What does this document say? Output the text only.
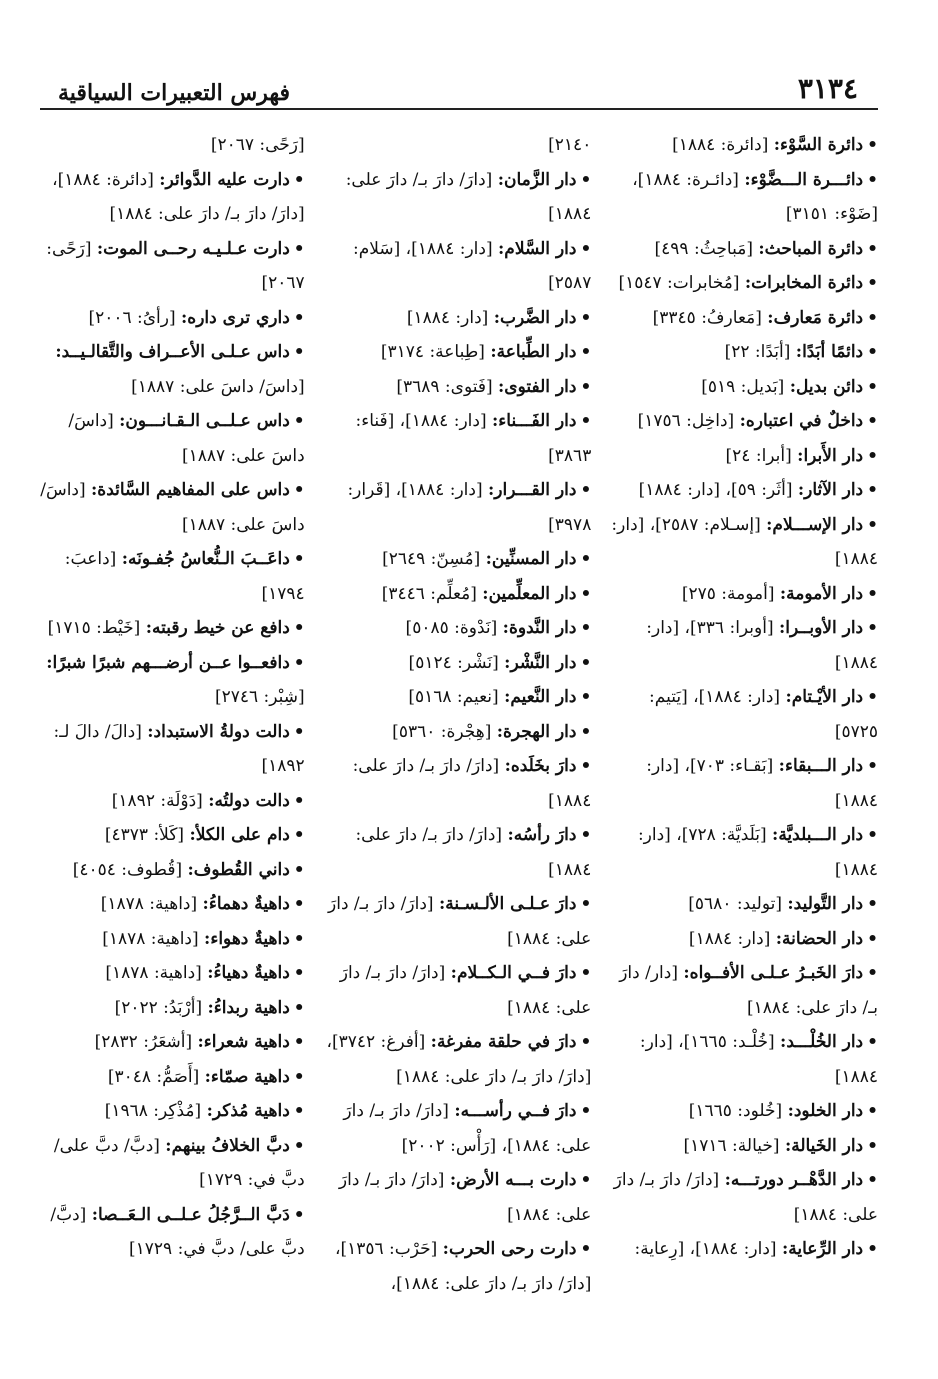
٣١٣٤
فهرس التعبيرات السياقية

•دائرة السَّوْء: [دائرة: ١٨٨٤]

•دائـــرة الـــضَّوْء: [دائـرة: ١٨٨٤]، [ضَوْء: ٣١٥١]

•دائرة المباحث: [مَباحِثُ: ٤٩٩]

•دائرة المخابرات: [مُخابرات: ١٥٤٧]

•دائرة مَعارف: [مَعارفُ: ٣٣٤٥]

•دائمًا أبَدًا: [أبَدًا: ٢٢]

•دائن بديل: [بَديل: ٥١٩]

•داخلٌ في اعتباره: [داخِل: ١٧٥٦]

•دار الأَبرا: [أبرا: ٢٤]

•دار الآثار: [أثَر: ٥٩]، [دار: ١٨٨٤]

•دار الإســـلام: [إسـلام: ٢٥٨٧]، [دار: ١٨٨٤]

•دار الأمومة: [أمومة: ٢٧٥]

•دار الأوبــرا: [أوبرا: ٣٣٦]، [دار: ١٨٨٤]

•دار الأيْـتام: [دار: ١٨٨٤]، [يَتيم: ٥٧٢٥]

•دار الـــبقاء: [بَقـاء: ٧٠٣]، [دار: ١٨٨٤]

•دار الـــبلديَّة: [بَلَديَّة: ٧٢٨]، [دار: ١٨٨٤]

•دار التَّوليد: [توليد: ٥٦٨٠]

•دار الحضانة: [دار: ١٨٨٤]

•دارَ الخَبـرُ عـلـى الأفــواه: [دار/ دارَ بـ/ دارَ على: ١٨٨٤]

•دار الخُلْـــد: [خُلْـد: ١٦٦٥]، [دار: ١٨٨٤]

•دار الخلود: [خُلود: ١٦٦٥]

•دار الخَيالة: [خيالة: ١٧١٦]

•دار الدَّهْــر دورتـــه: [دارَ/ دارَ بـ/ دارَ على: ١٨٨٤]

•دار الرِّعاية: [دار: ١٨٨٤]، [رِعاية:

٢١٤٠]

•دار الزَّمان: [دارَ/ دارَ بـ/ دارَ على: ١٨٨٤]

•دار السَّلام: [دار: ١٨٨٤]، [سَلام: ٢٥٨٧]

•دار الضَّرب: [دار: ١٨٨٤]

•دار الطِّباعة: [طِباعة: ٣١٧٤]

•دار الفتوى: [فَتوى: ٣٦٨٩]

•دار الفَـــناء: [دار: ١٨٨٤]، [فَناء: ٣٨٦٣]

•دار القـــرار: [دار: ١٨٨٤]، [قَرار: ٣٩٧٨]

•دار المسنِّين: [مُسِنّ: ٢٦٤٩]

•دار المعلِّمين: [مُعلِّم: ٣٤٤٦]

•دار النَّدوة: [نَدْوة: ٥٠٨٥]

•دار النَّشْر: [نَشْر: ٥١٢٤]

•دار النَّعيم: [نعيم: ٥١٦٨]

•دار الهجرة: [هِجْرة: ٥٣٦٠]

•دارَ بخَلَده: [دارَ/ دارَ بـ/ دارَ على: ١٨٨٤]

•دارَ رأسُه: [دارَ/ دارَ بـ/ دارَ على: ١٨٨٤]

•دارَ عـلـى الألـسـنة: [دارَ/ دارَ بـ/ دارَ على: ١٨٨٤]

•دارَ فــي الـكــلام: [دارَ/ دارَ بـ/ دارَ على: ١٨٨٤]

•دارَ في حلقة مفرغة: [أفرغ: ٣٧٤٢]، [دارَ/ دارَ بـ/ دارَ على: ١٨٨٤]

•دارَ فــي رأســـه: [دارَ/ دارَ بـ/ دارَ على: ١٨٨٤]، [رَأْس: ٢٠٠٢]

•دارت بـــه الأرض: [دارَ/ دارَ بـ/ دارَ على: ١٨٨٤]

•دارت رحى الحرب: [حَرْب: ١٣٥٦]، [دارَ/ دارَ بـ/ دارَ على: ١٨٨٤]،

[رَحًى: ٢٠٦٧]

•دارت عليه الدَّوائر: [دائرة: ١٨٨٤]، [دارَ/ دارَ بـ/ دارَ على: ١٨٨٤]

•دارت عـلـيـه رحــى الموت: [رَحًى: ٢٠٦٧]

•داري ترى داره: [رأىُ: ٢٠٠٦]

•داس عـلـى الأعــراف والتَّقالـيــد: [داسَ/ داسَ على: ١٨٨٧]

•داس عـلــى الـقـانـــون: [داسَ/ داسَ على: ١٨٨٧]

•داس على المفاهيم السَّائدة: [داسَ/ داسَ على: ١٨٨٧]

•داعَــبَ الـنُّعاسُ جُفـونَه: [داعبَ: ١٧٩٤]

•دافع عن خيط رقبته: [خَيْط: ١٧١٥]

•دافعــوا عــن أرضـــهم شبرًا شبرًا: [شِبْر: ٢٧٤٦]

•دالت دولةُ الاستبداد: [دالَ/ دالَ لـ: ١٨٩٢]

•دالت دولتُه: [دَوْلَة: ١٨٩٢]

•دام على الكلأ: [كَلأ: ٤٣٧٣]

•داني القُطوف: [قُطوف: ٤٠٥٤]

•داهيةٌ دهماءُ: [داهية: ١٨٧٨]

•داهيةٌ دهواء: [داهية: ١٨٧٨]

•داهيةٌ دهياءُ: [داهية: ١٨٧٨]

•داهية ربداءُ: [أرْبَدُ: ٢٠٢٢]

•داهية شعراء: [أشعَرُ: ٢٨٣٢]

•داهية صمّاء: [أَصَمُّ: ٣٠٤٨]

•داهية مُذكر: [مُذْكِر: ١٩٦٨]

•دبَّ الخلافُ بينهم: [دبَّ/ دبَّ على/ دبَّ في: ١٧٢٩]

•دَبَّ الــرَّجُلُ عـلــى الـعَــصا: [دبَّ/ دبَّ على/ دبَّ في: ١٧٢٩]
